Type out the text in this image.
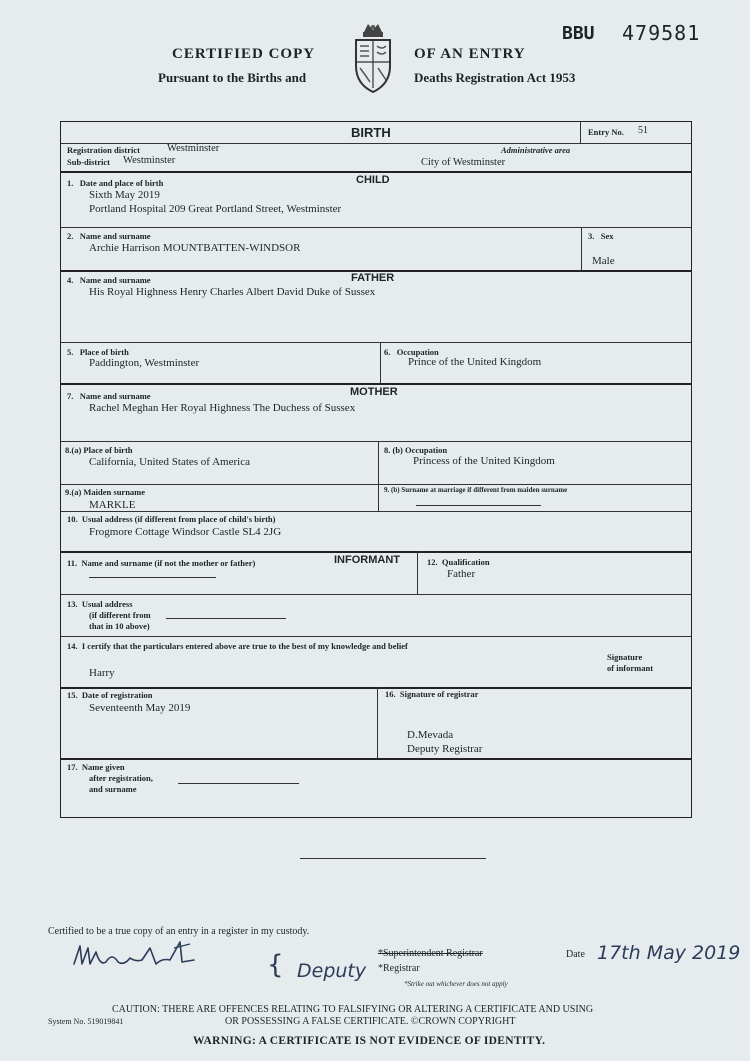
CERTIFIED COPY	OF AN ENTRY
Pursuant to the Births and	Deaths Registration Act 1953
BBU 479581
BIRTH	Entry No. 51
Registration district	Westminster	Administrative area
Sub-district Westminster	City of Westminster
CHILD
1.   Date and place of birth
Sixth May 2019
Portland Hospital 209 Great Portland Street, Westminster
2.   Name and surname
Archie Harrison MOUNTBATTEN-WINDSOR
3.   Sex
Male
FATHER
4.   Name and surname
His Royal Highness Henry Charles Albert David Duke of Sussex
5.   Place of birth
Paddington, Westminster
6.   Occupation
Prince of the United Kingdom
MOTHER
7.   Name and surname
Rachel Meghan Her Royal Highness The Duchess of Sussex
8.(a) Place of birth
California, United States of America
8. (b) Occupation
Princess of the United Kingdom
9.(a) Maiden surname
MARKLE
9. (b) Surname at marriage if different from maiden surname
10.  Usual address (if different from place of child's birth)
Frogmore Cottage Windsor Castle SL4 2JG
INFORMANT
11.  Name and surname (if not the mother or father)	12.  Qualification
Father
13.  Usual address
(if different from
that in 10 above)
14.  I certify that the particulars entered above are true to the best of my knowledge and belief
Harry
Signature
of informant
15.  Date of registration
Seventeenth May 2019
16.  Signature of registrar
D.Mevada
Deputy Registrar
17.  Name given
after registration,
and surname
Certified to be a true copy of an entry in a register in my custody.
{ Deputy
*Superintendent Registrar
*Registrar
*Strike out whichever does not apply
Date 17th May 2019
CAUTION: THERE ARE OFFENCES RELATING TO FALSIFYING OR ALTERING A CERTIFICATE AND USING
OR POSSESSING A FALSE CERTIFICATE. ©CROWN COPYRIGHT
System No. 519019841
WARNING: A CERTIFICATE IS NOT EVIDENCE OF IDENTITY.
